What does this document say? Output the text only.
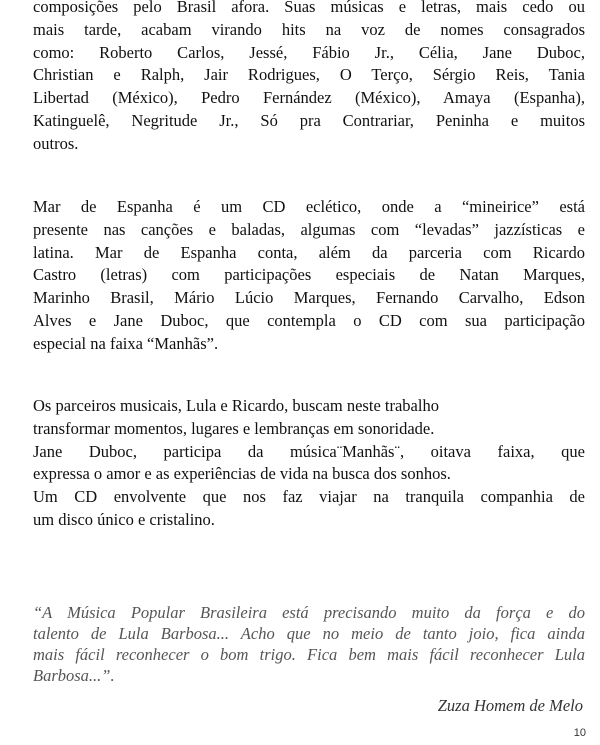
composições pelo Brasil afora. Suas músicas e letras, mais cedo ou
mais tarde, acabam virando hits na voz de nomes consagrados
como: Roberto Carlos, Jessé, Fábio Jr., Célia, Jane Duboc,
Christian e Ralph, Jair Rodrigues, O Terço, Sérgio Reis, Tania
Libertad (México), Pedro Fernández (México), Amaya (Espanha),
Katinguelê, Negritude Jr., Só pra Contrariar, Peninha e muitos
outros.

Mar de Espanha é um CD eclético, onde a “mineirice” está
presente nas canções e baladas, algumas com “levadas” jazzísticas e
latina. Mar de Espanha conta, além da parceria com Ricardo
Castro (letras) com participações especiais de Natan Marques,
Marinho Brasil, Mário Lúcio Marques, Fernando Carvalho, Edson
Alves e Jane Duboc, que contempla o CD com sua participação
especial na faixa “Manhãs”.

Os parceiros musicais, Lula e Ricardo, buscam neste trabalho
transformar momentos, lugares e lembranças em sonoridade.
Jane Duboc, participa da música¨Manhãs¨, oitava faixa, que
expressa o amor e as experiências de vida na busca dos sonhos.
Um CD envolvente que nos faz viajar na tranquila companhia de
um disco único e cristalino.

“A Música Popular Brasileira está precisando muito da força e do
talento de Lula Barbosa... Acho que no meio de tanto joio, fica ainda
mais fácil reconhecer o bom trigo. Fica bem mais fácil reconhecer Lula
Barbosa...”.

Zuza Homem de Melo
10
